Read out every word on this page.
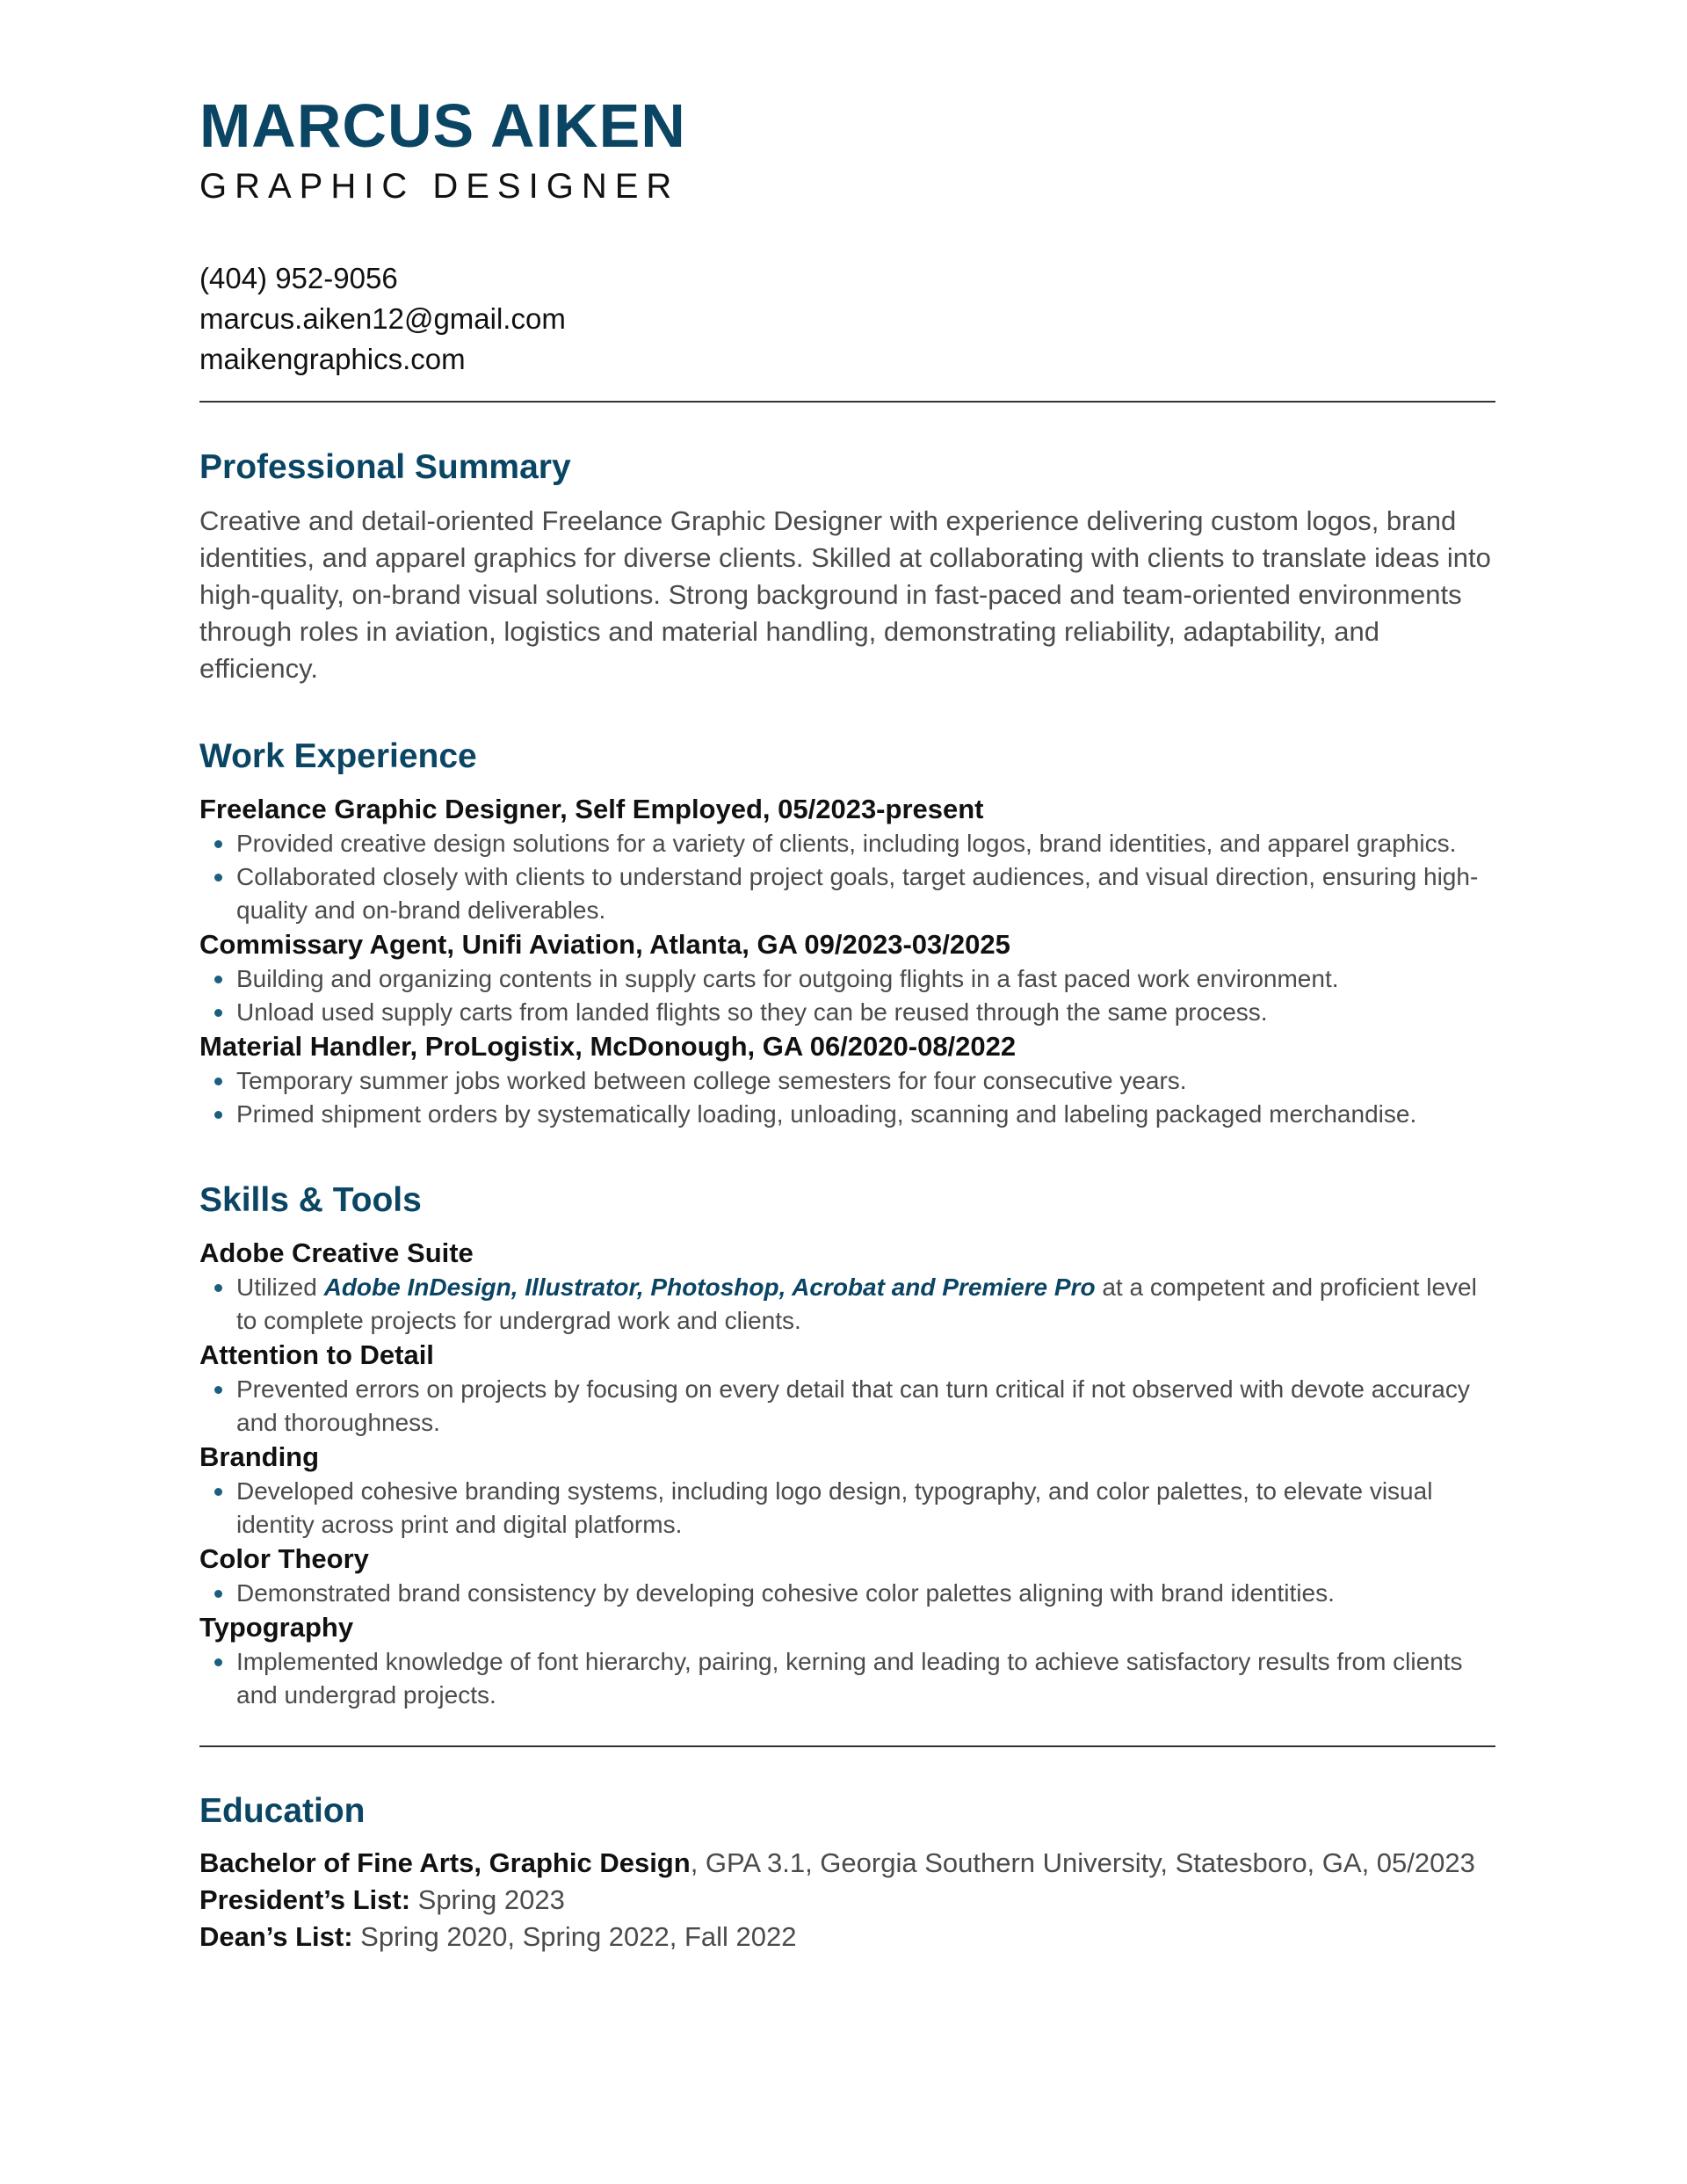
MARCUS AIKEN
GRAPHIC DESIGNER
(404) 952-9056
marcus.aiken12@gmail.com
maikengraphics.com
Professional Summary
Creative and detail-oriented Freelance Graphic Designer with experience delivering custom logos, brand identities, and apparel graphics for diverse clients. Skilled at collaborating with clients to translate ideas into high-quality, on-brand visual solutions. Strong background in fast-paced and team-oriented environments through roles in aviation, logistics and material handling, demonstrating reliability, adaptability, and efficiency.
Work Experience
Freelance Graphic Designer, Self Employed, 05/2023-present
Provided creative design solutions for a variety of clients, including logos, brand identities, and apparel graphics.
Collaborated closely with clients to understand project goals, target audiences, and visual direction, ensuring high-quality and on-brand deliverables.
Commissary Agent, Unifi Aviation, Atlanta, GA 09/2023-03/2025
Building and organizing contents in supply carts for outgoing flights in a fast paced work environment.
Unload used supply carts from landed flights so they can be reused through the same process.
Material Handler, ProLogistix, McDonough, GA 06/2020-08/2022
Temporary summer jobs worked between college semesters for four consecutive years.
Primed shipment orders by systematically loading, unloading, scanning and labeling packaged merchandise.
Skills & Tools
Adobe Creative Suite
Utilized Adobe InDesign, Illustrator, Photoshop, Acrobat and Premiere Pro at a competent and proficient level to complete projects for undergrad work and clients.
Attention to Detail
Prevented errors on projects by focusing on every detail that can turn critical if not observed with devote accuracy and thoroughness.
Branding
Developed cohesive branding systems, including logo design, typography, and color palettes, to elevate visual identity across print and digital platforms.
Color Theory
Demonstrated brand consistency by developing cohesive color palettes aligning with brand identities.
Typography
Implemented knowledge of font hierarchy, pairing, kerning and leading to achieve satisfactory results from clients and undergrad projects.
Education
Bachelor of Fine Arts, Graphic Design, GPA 3.1, Georgia Southern University, Statesboro, GA, 05/2023
President’s List: Spring 2023
Dean’s List: Spring 2020, Spring 2022, Fall 2022
